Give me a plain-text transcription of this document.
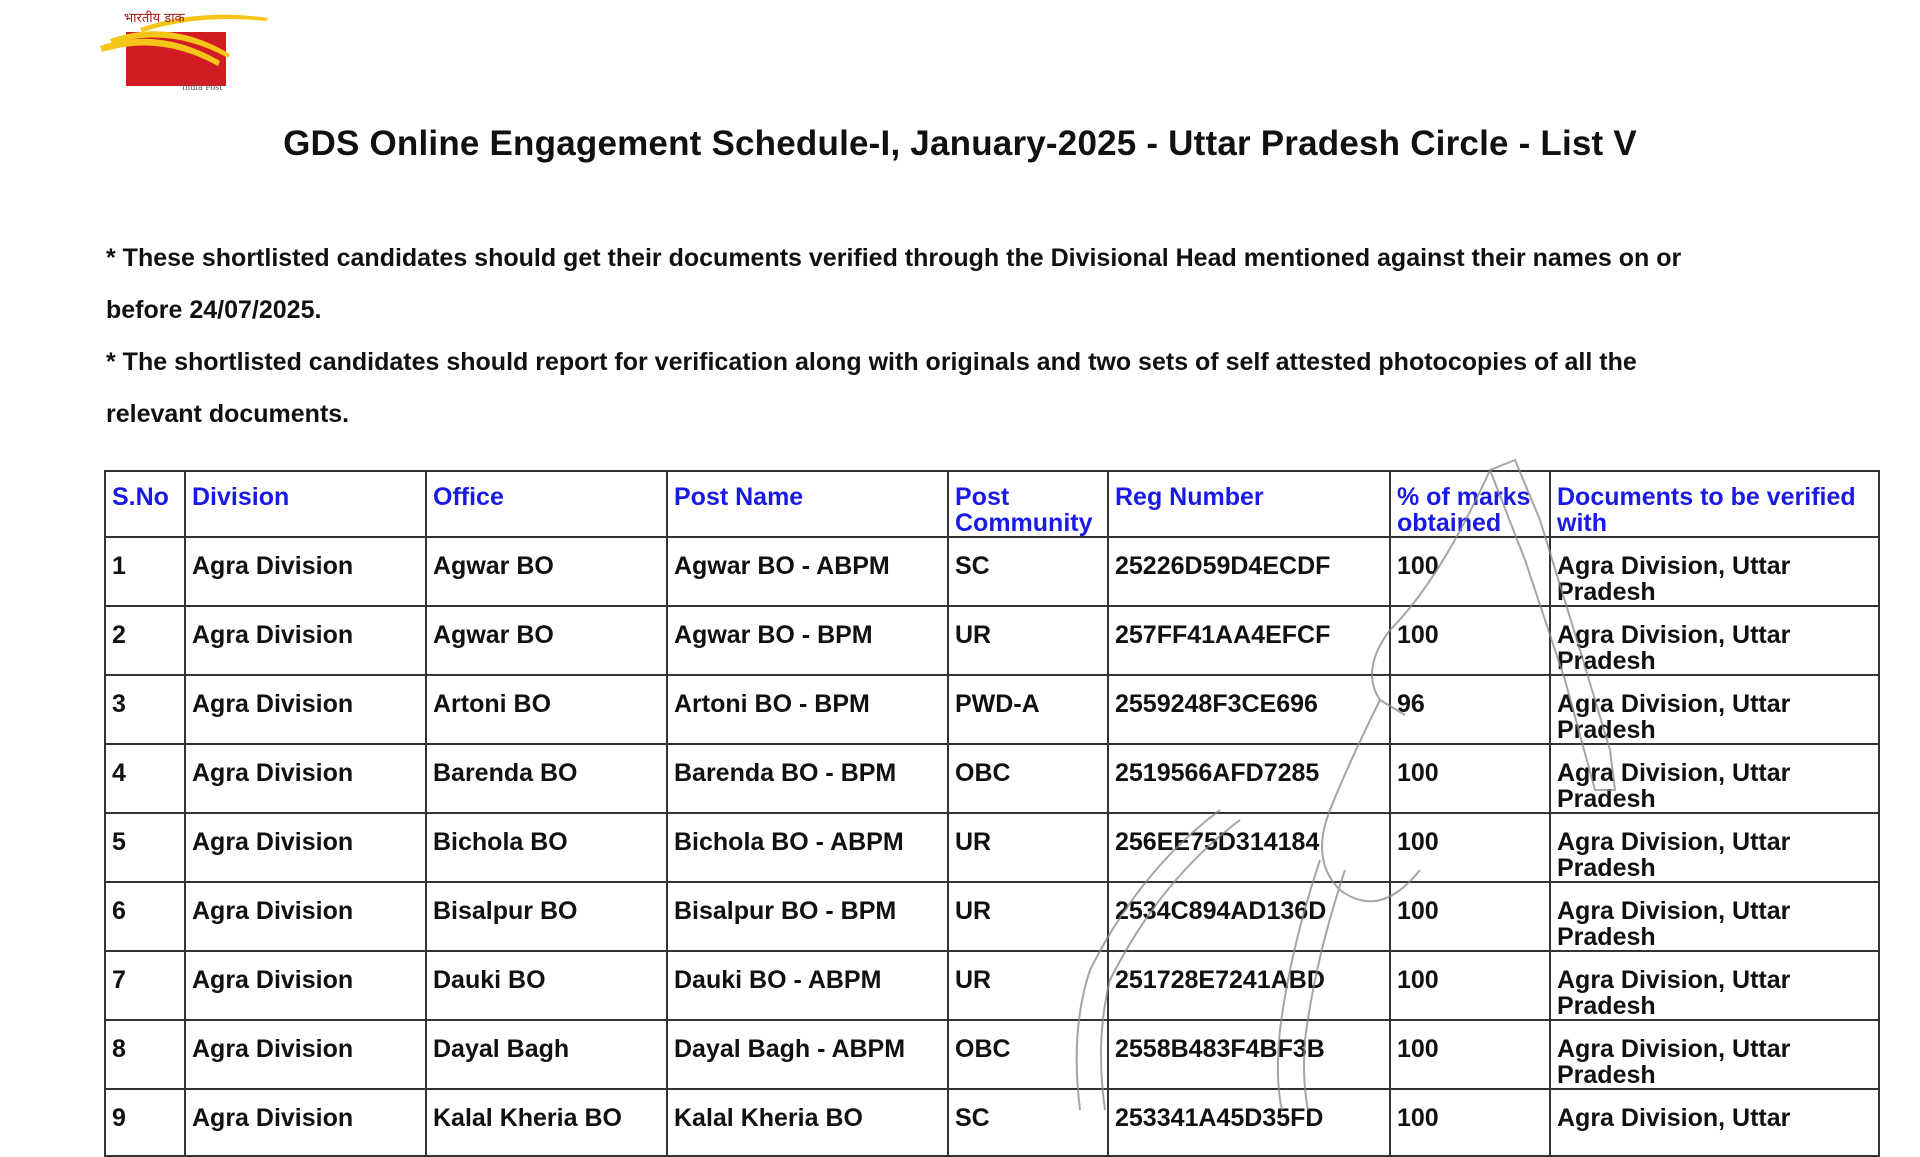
भारतीय डाक
India Post
GDS Online Engagement Schedule-I, January-2025 - Uttar Pradesh Circle - List V

* These shortlisted candidates should get their documents verified through the Divisional Head mentioned against their names on or

before 24/07/2025.

* The shortlisted candidates should report for verification along with originals and two sets of self attested photocopies of all the

relevant documents.

S.No	Division	Office	Post Name	Post Community	Reg Number	% of marks obtained	Documents to be verified with
1	Agra Division	Agwar BO	Agwar BO - ABPM	SC	25226D59D4ECDF	100	Agra Division, Uttar Pradesh
2	Agra Division	Agwar BO	Agwar BO - BPM	UR	257FF41AA4EFCF	100	Agra Division, Uttar Pradesh
3	Agra Division	Artoni BO	Artoni BO - BPM	PWD-A	2559248F3CE696	96	Agra Division, Uttar Pradesh
4	Agra Division	Barenda BO	Barenda BO - BPM	OBC	2519566AFD7285	100	Agra Division, Uttar Pradesh
5	Agra Division	Bichola BO	Bichola BO - ABPM	UR	256EE75D314184	100	Agra Division, Uttar Pradesh
6	Agra Division	Bisalpur BO	Bisalpur BO - BPM	UR	2534C894AD136D	100	Agra Division, Uttar Pradesh
7	Agra Division	Dauki BO	Dauki BO - ABPM	UR	251728E7241ABD	100	Agra Division, Uttar Pradesh
8	Agra Division	Dayal Bagh	Dayal Bagh - ABPM	OBC	2558B483F4BF3B	100	Agra Division, Uttar Pradesh
9	Agra Division	Kalal Kheria BO	Kalal Kheria BO	SC	253341A45D35FD	100	Agra Division, Uttar
